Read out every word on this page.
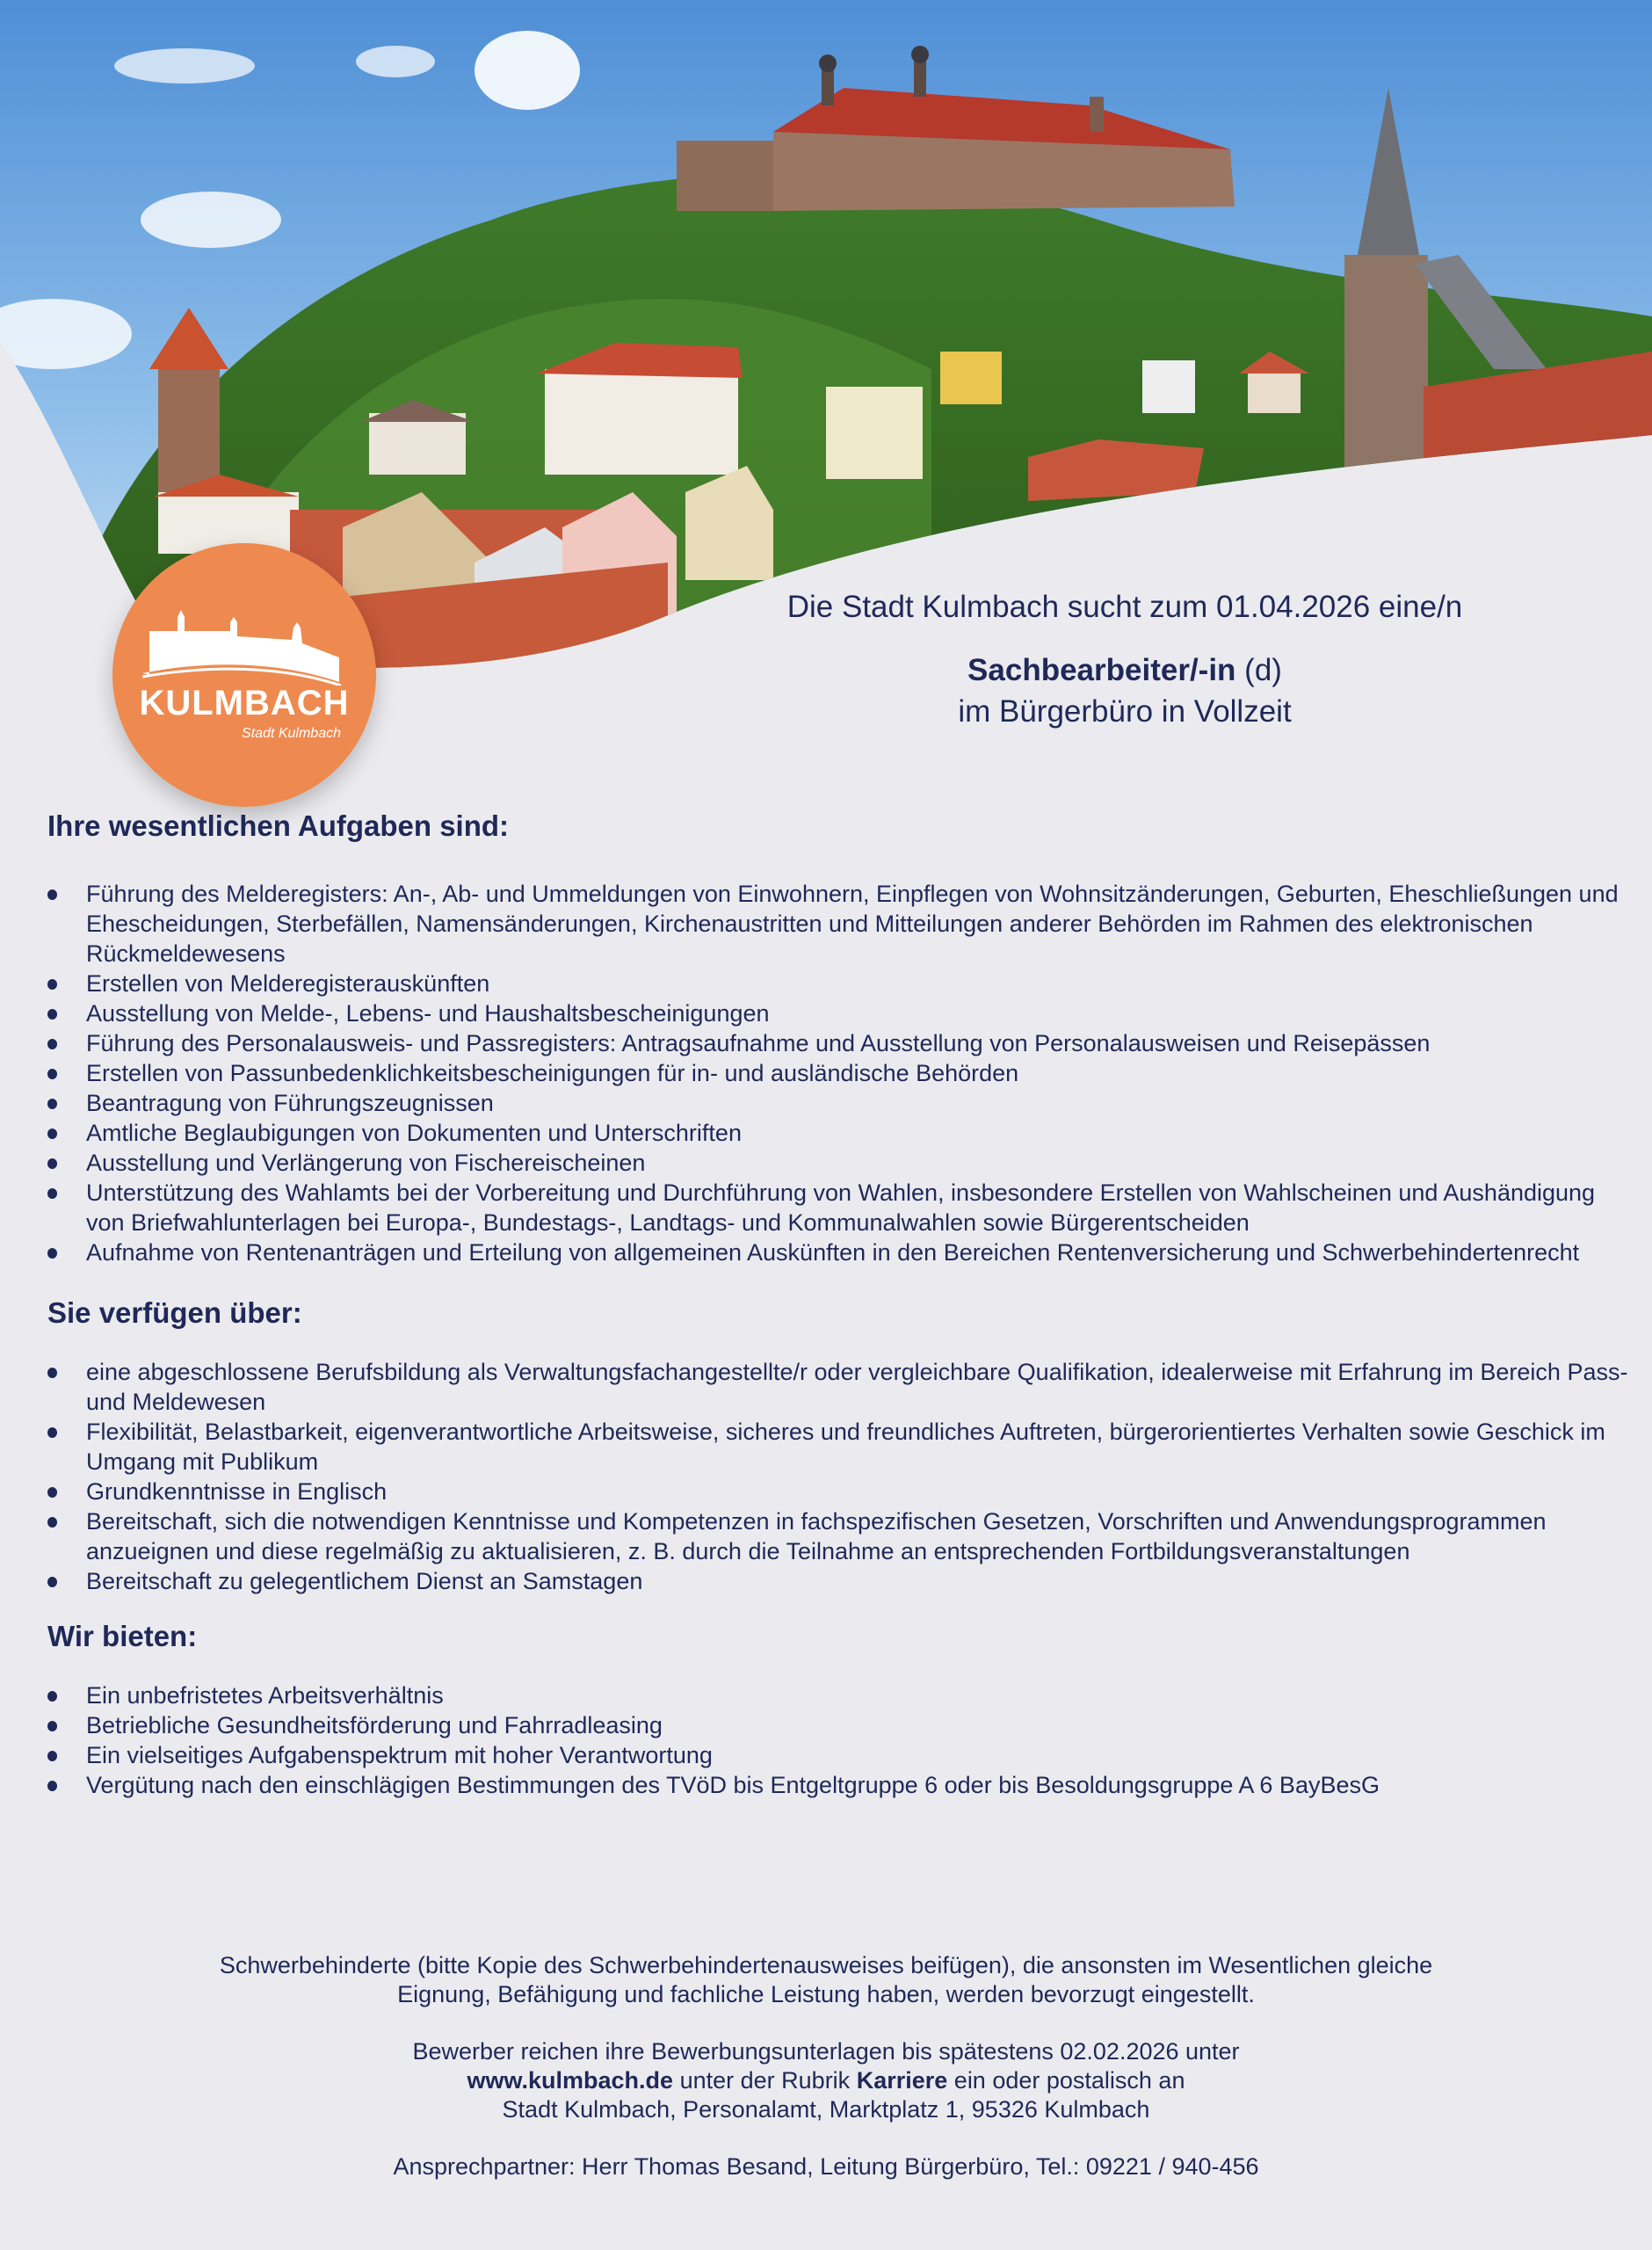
KULMBACH
Stadt Kulmbach
Die Stadt Kulmbach sucht zum 01.04.2026 eine/n
Sachbearbeiter/-in (d)
im Bürgerbüro in Vollzeit
Ihre wesentlichen Aufgaben sind:
Führung des Melderegisters: An-, Ab- und Ummeldungen von Einwohnern, Einpflegen von Wohnsitzänderungen, Geburten, Eheschließungen und Ehescheidungen, Sterbefällen, Namensänderungen, Kirchenaustritten und Mitteilungen anderer Behörden im Rahmen des elektronischen Rückmeldewesens
Erstellen von Melderegisterauskünften
Ausstellung von Melde-, Lebens- und Haushaltsbescheinigungen
Führung des Personalausweis- und Passregisters: Antragsaufnahme und Ausstellung von Personalausweisen und Reisepässen
Erstellen von Passunbedenklichkeitsbescheinigungen für in- und ausländische Behörden
Beantragung von Führungszeugnissen
Amtliche Beglaubigungen von Dokumenten und Unterschriften
Ausstellung und Verlängerung von Fischereischeinen
Unterstützung des Wahlamts bei der Vorbereitung und Durchführung von Wahlen, insbesondere Erstellen von Wahlscheinen und Aushändigung von Briefwahlunterlagen bei Europa-, Bundestags-, Landtags- und Kommunalwahlen sowie Bürgerentscheiden
Aufnahme von Rentenanträgen und Erteilung von allgemeinen Auskünften in den Bereichen Rentenversicherung und Schwerbehindertenrecht
Sie verfügen über:
eine abgeschlossene Berufsbildung als Verwaltungsfachangestellte/r oder vergleichbare Qualifikation, idealerweise mit Erfahrung im Bereich Pass- und Meldewesen
Flexibilität, Belastbarkeit, eigenverantwortliche Arbeitsweise, sicheres und freundliches Auftreten, bürgerorientiertes Verhalten sowie Geschick im Umgang mit Publikum
Grundkenntnisse in Englisch
Bereitschaft, sich die notwendigen Kenntnisse und Kompetenzen in fachspezifischen Gesetzen, Vorschriften und Anwendungsprogrammen anzueignen und diese regelmäßig zu aktualisieren, z. B. durch die Teilnahme an entsprechenden Fortbildungsveranstaltungen
Bereitschaft zu gelegentlichem Dienst an Samstagen
Wir bieten:
Ein unbefristetes Arbeitsverhältnis
Betriebliche Gesundheitsförderung und Fahrradleasing
Ein vielseitiges Aufgabenspektrum mit hoher Verantwortung
Vergütung nach den einschlägigen Bestimmungen des TVöD bis Entgeltgruppe 6 oder bis Besoldungsgruppe A 6 BayBesG

Schwerbehinderte (bitte Kopie des Schwerbehindertenausweises beifügen), die ansonsten im Wesentlichen gleiche
Eignung, Befähigung und fachliche Leistung haben, werden bevorzugt eingestellt.

Bewerber reichen ihre Bewerbungsunterlagen bis spätestens 02.02.2026 unter
www.kulmbach.de unter der Rubrik Karriere ein oder postalisch an
Stadt Kulmbach, Personalamt, Marktplatz 1, 95326 Kulmbach

Ansprechpartner: Herr Thomas Besand, Leitung Bürgerbüro, Tel.: 09221 / 940-456
